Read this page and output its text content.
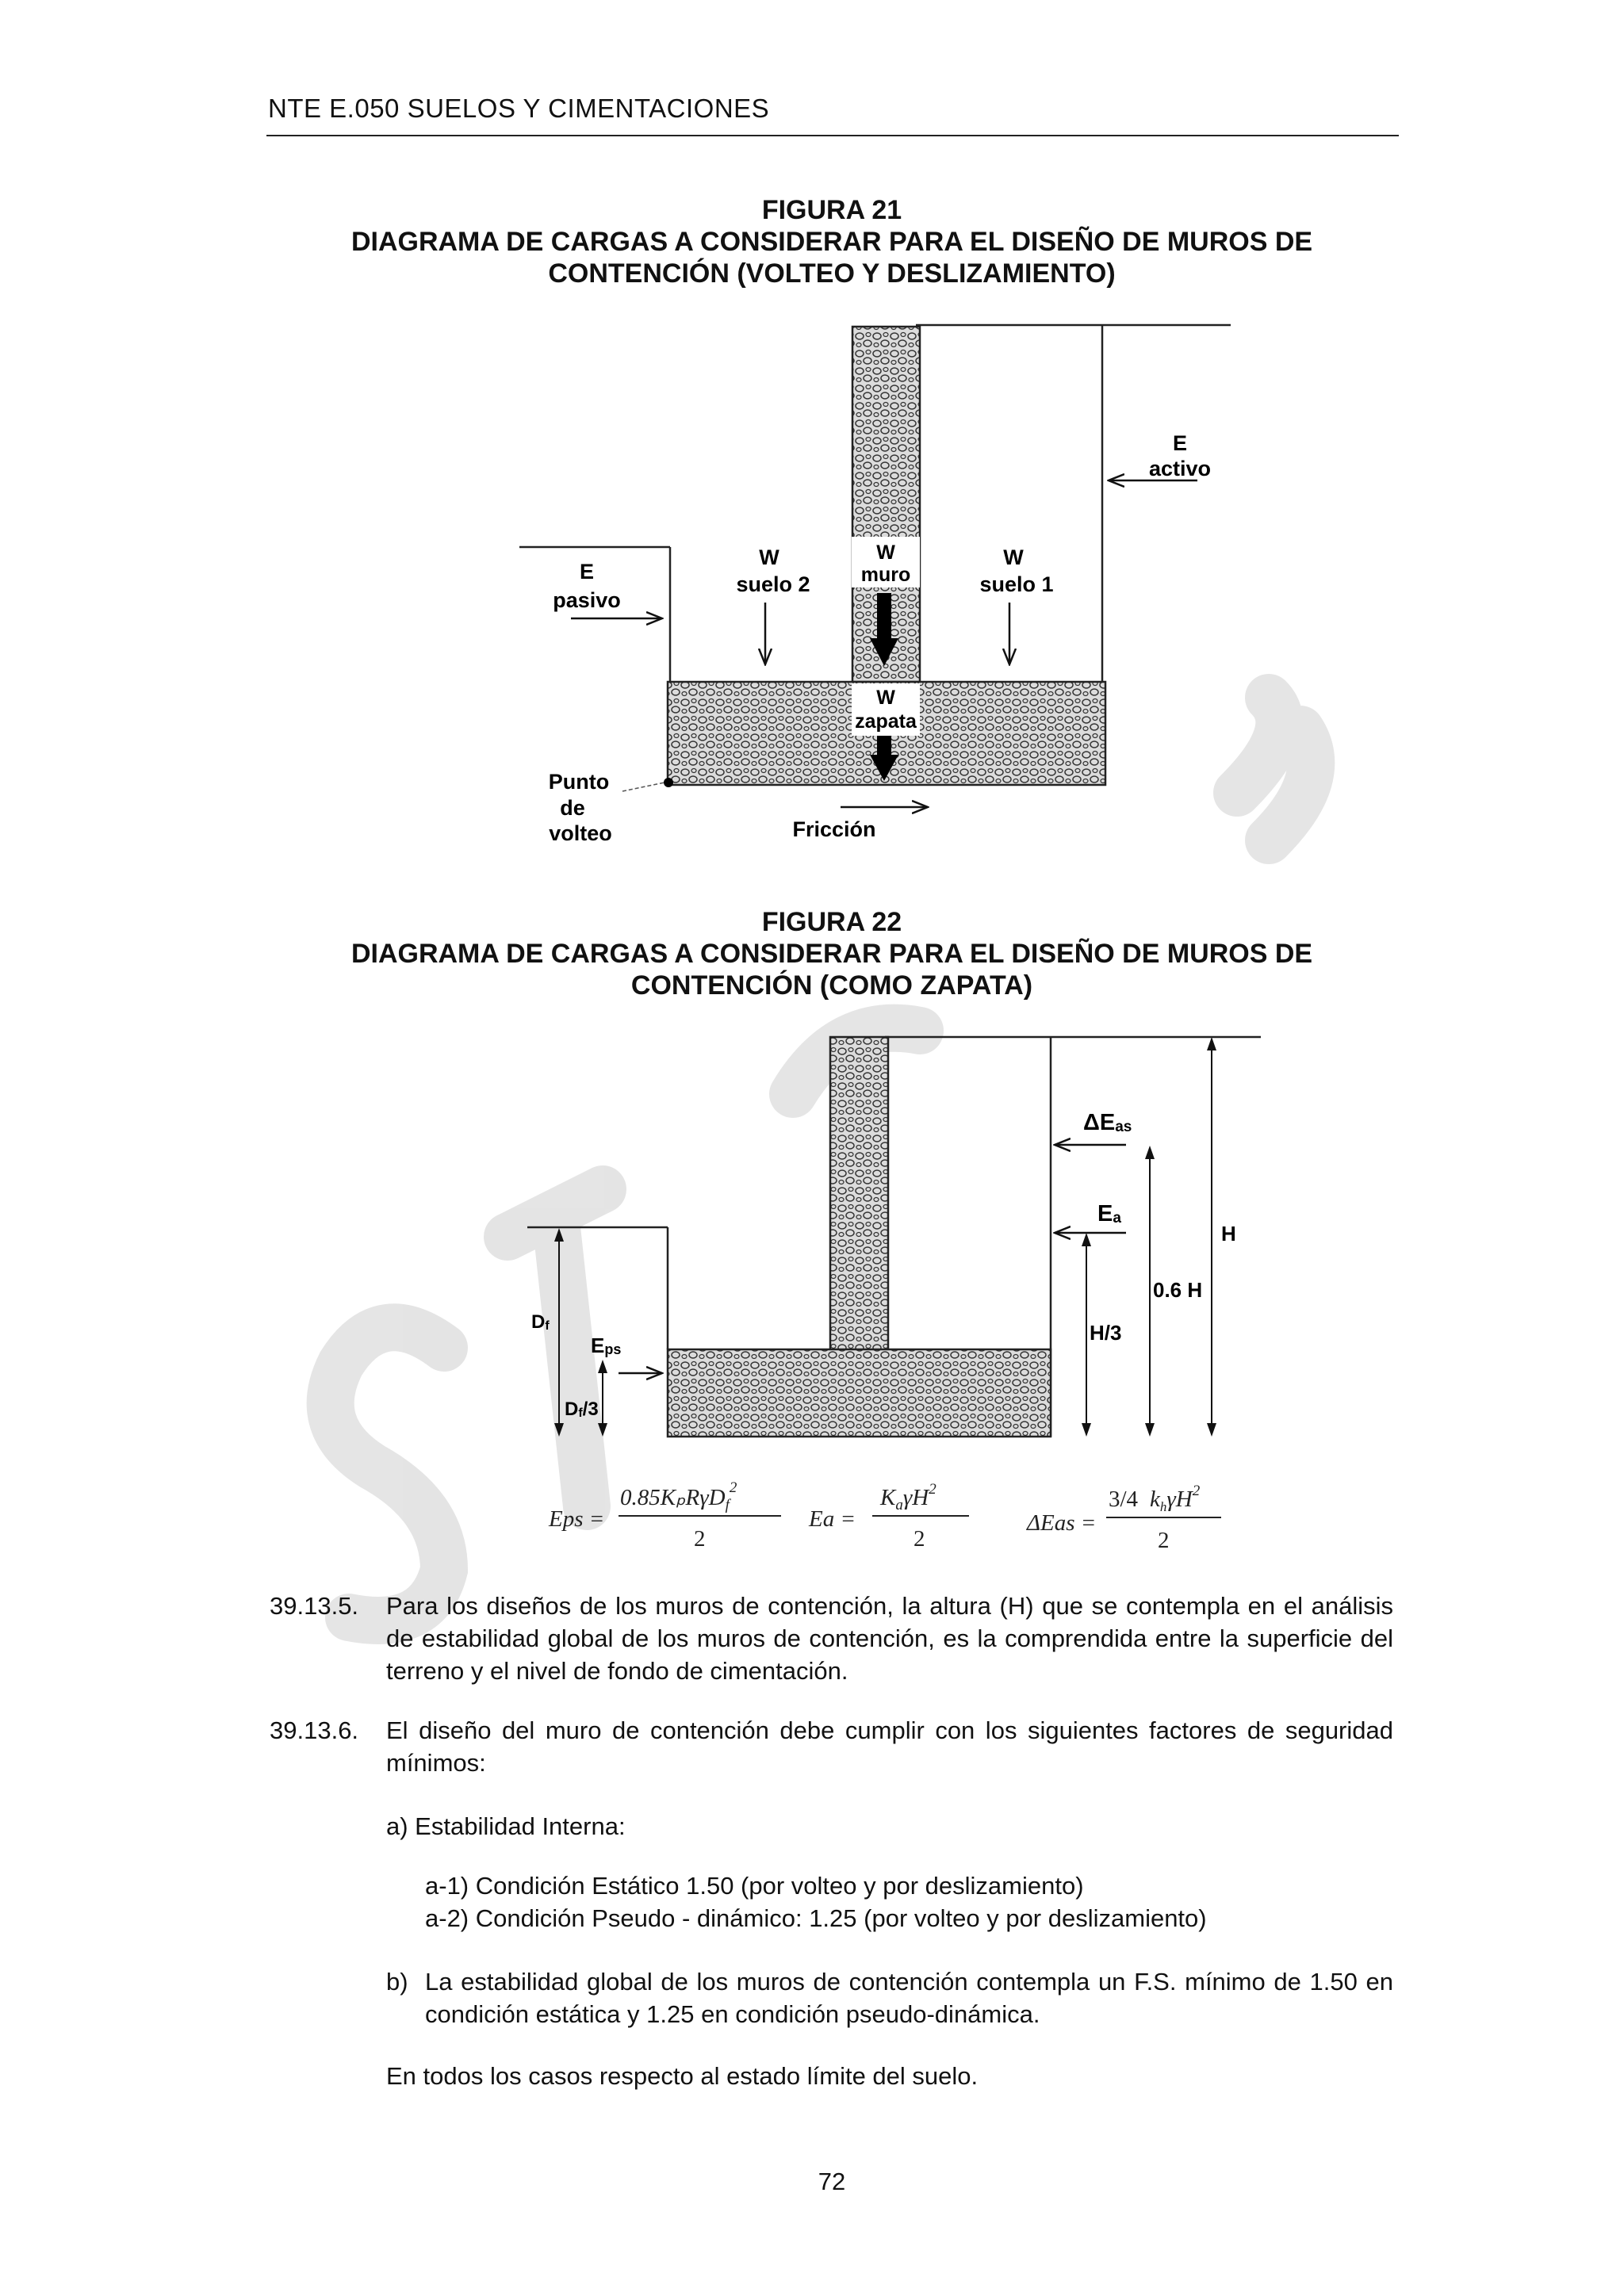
NTE E.050 SUELOS Y CIMENTACIONES
FIGURA 21
DIAGRAMA DE CARGAS A CONSIDERAR PARA EL DISEÑO DE MUROS DE
CONTENCIÓN (VOLTEO Y DESLIZAMIENTO)
E
activo
E
pasivo
W
suelo 2
W
muro
W
suelo 1
W
zapata
Punto
de
volteo	Fricción
ΔEas
Ea
H
0.6 H
H/3
Df
Df/3
Eps
Eps =
0.85KₚRγD$_f^2$
2
Ea =
$K_a\gamma H^2$
2
ΔEas =
3/4 $k_h\gamma H^2$
2
FIGURA 22
DIAGRAMA DE CARGAS A CONSIDERAR PARA EL DISEÑO DE MUROS DE
CONTENCIÓN (COMO ZAPATA)
39.13.5. Para los diseños de los muros de contención, la altura (H) que se contempla en el análisis de estabilidad global de los muros de contención, es la comprendida entre la superficie del terreno y el nivel de fondo de cimentación.
39.13.6. El diseño del muro de contención debe cumplir con los siguientes factores de seguridad mínimos:
a) Estabilidad Interna:
a-1) Condición Estático 1.50 (por volteo y por deslizamiento)
a-2) Condición Pseudo - dinámico: 1.25 (por volteo y por deslizamiento)
b) La estabilidad global de los muros de contención contempla un F.S. mínimo de 1.50 en condición estática y 1.25 en condición pseudo-dinámica.
En todos los casos respecto al estado límite del suelo.
72
